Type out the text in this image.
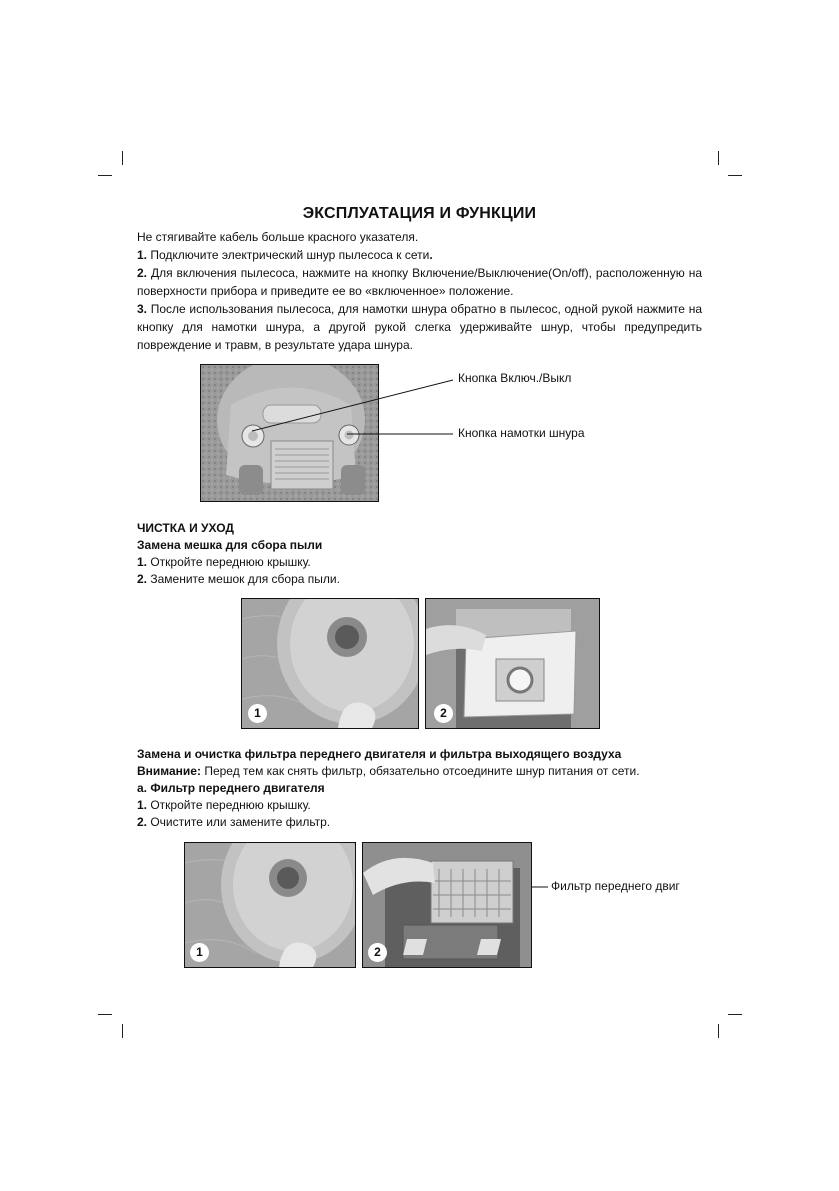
ЭКСПЛУАТАЦИЯ И ФУНКЦИИ

Не стягивайте кабель больше красного указателя.

1. Подключите электрический шнур пылесоса к сети.

2. Для включения пылесоса, нажмите на кнопку Включение/Выключение(On/off), расположенную на поверхности прибора и приведите ее во «включенное» положение.

3. После использования пылесоса, для намотки шнура обратно в пылесос, одной рукой нажмите на кнопку для намотки шнура, а другой рукой слегка удерживайте шнур, чтобы предупредить повреждение и травм, в результате удара шнура.

Кнопка Включ./Выкл
Кнопка намотки шнура

ЧИСТКА И УХОД

Замена мешка для сбора пыли

1. Откройте переднюю крышку.

2. Замените мешок для сбора пыли.

1	2

Замена и очистка фильтра переднего двигателя и фильтра выходящего воздуха

Внимание: Перед тем как снять фильтр, обязательно отсоедините шнур питания от сети.

a. Фильтр переднего двигателя

1. Откройте переднюю крышку.

2. Очистите или замените фильтр.

1	2
Фильтр переднего двиг
